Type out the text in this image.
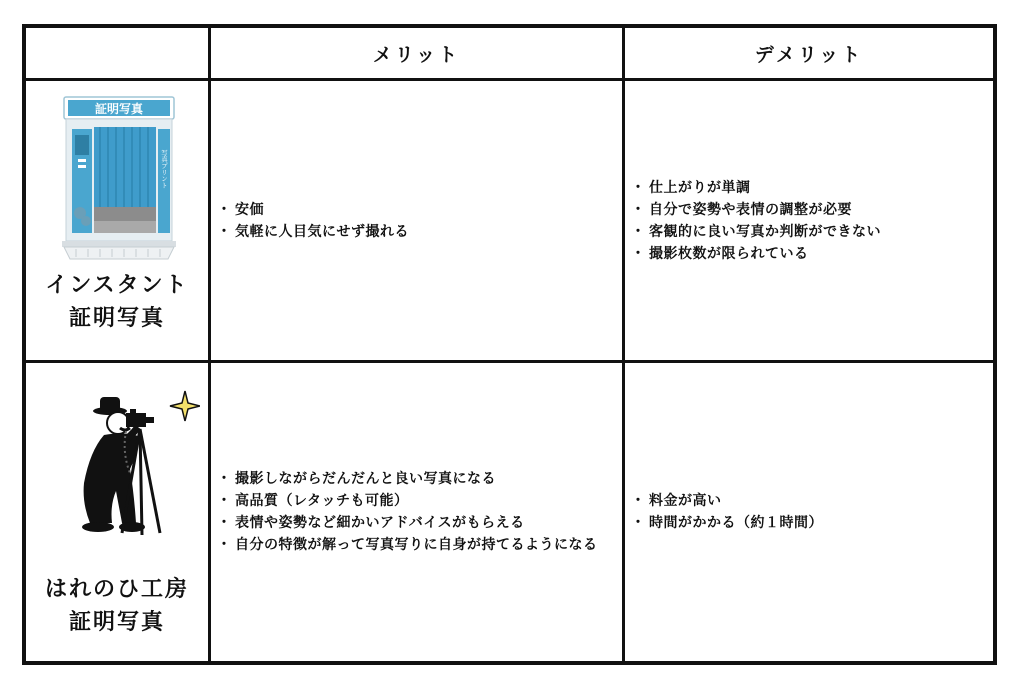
メリット	デメリット
証明写真
写真プリント
インスタント
証明写真
・ 安価
・ 気軽に人目気にせず撮れる
・ 仕上がりが単調
・ 自分で姿勢や表情の調整が必要
・ 客観的に良い写真か判断ができない
・ 撮影枚数が限られている
はれのひ工房
証明写真
・ 撮影しながらだんだんと良い写真になる
・ 高品質（レタッチも可能）
・ 表情や姿勢など細かいアドバイスがもらえる
・ 自分の特徴が解って写真写りに自身が持てるようになる
・ 料金が高い
・ 時間がかかる（約１時間）
